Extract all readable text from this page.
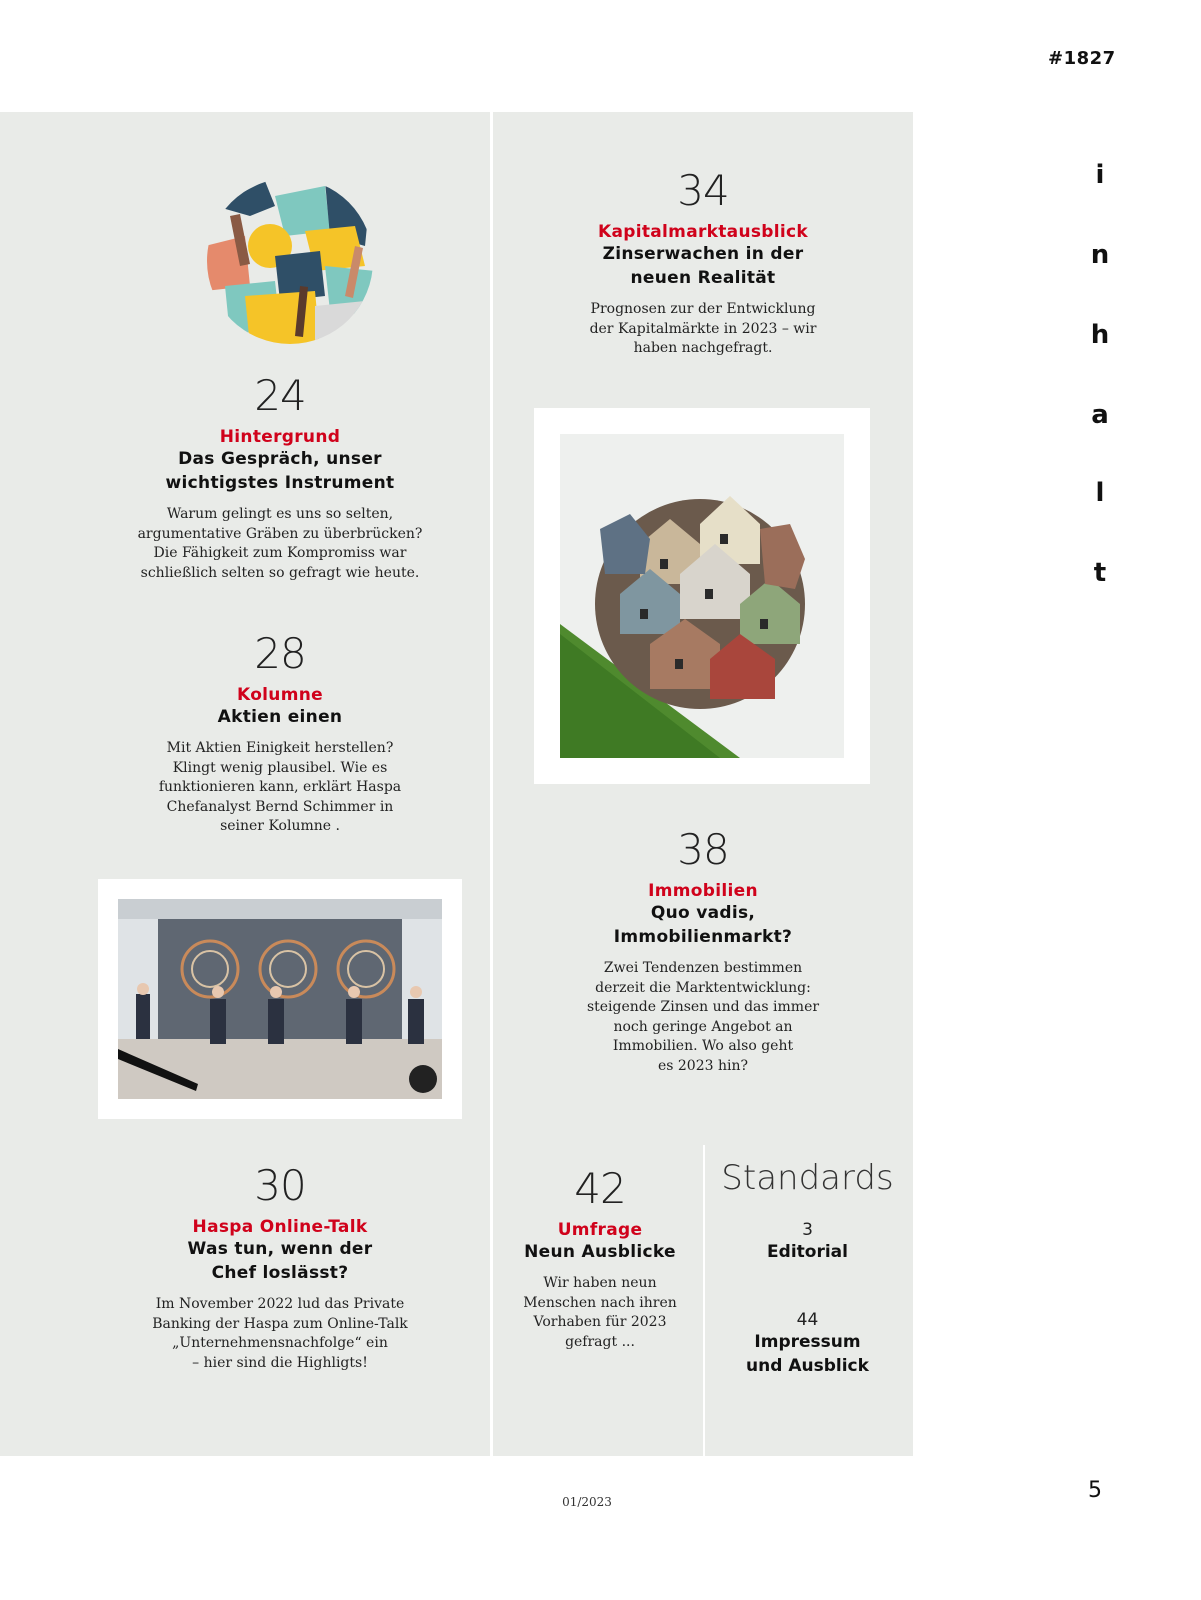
#1827
i
n
h
a
l
t
24
Hintergrund
Das Gespräch, unser
wichtigstes Instrument
Warum gelingt es uns so selten,
argumentative Gräben zu überbrücken?
Die Fähigkeit zum Kompromiss war
schließlich selten so gefragt wie heute.
28
Kolumne
Aktien einen
Mit Aktien Einigkeit herstellen?
Klingt wenig plausibel. Wie es
funktionieren kann, erklärt Haspa
Chefanalyst Bernd Schimmer in
seiner Kolumne .
30
Haspa Online-Talk
Was tun, wenn der
Chef loslässt?
Im November 2022 lud das Private
Banking der Haspa zum Online-Talk
„Unternehmensnachfolge“ ein
– hier sind die Highligts!
34
Kapitalmarktausblick
Zinserwachen in der
neuen Realität
Prognosen zur der Entwicklung
der Kapitalmärkte in 2023 – wir
haben nachgefragt.
38
Immobilien
Quo vadis,
Immobilienmarkt?
Zwei Tendenzen bestimmen
derzeit die Marktentwicklung:
steigende Zinsen und das immer
noch geringe Angebot an
Immobilien. Wo also geht
es 2023 hin?
42
Umfrage
Neun Ausblicke
Wir haben neun
Menschen nach ihren
Vorhaben für 2023
gefragt ...
Standards
3
Editorial
44
Impressum
und Ausblick
01/2023	5
